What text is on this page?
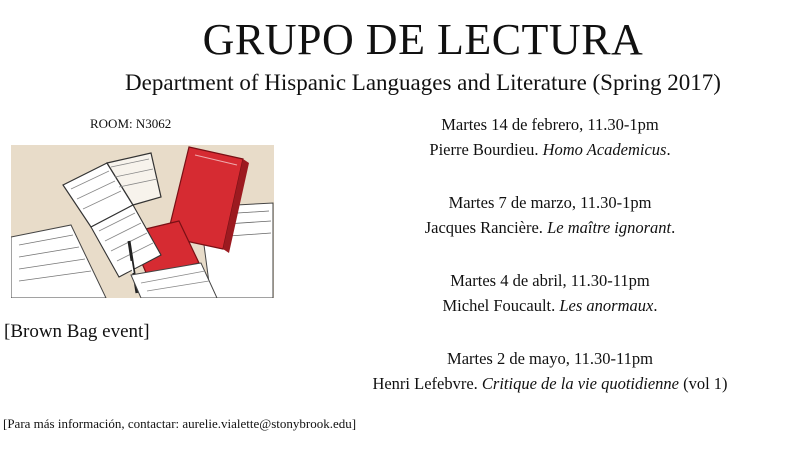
GRUPO DE LECTURA
Department of Hispanic Languages and Literature (Spring 2017)
ROOM: N3062
[Brown Bag event]
Martes 14 de febrero, 11.30-1pm
Pierre Bourdieu. Homo Academicus.
Martes 7 de marzo, 11.30-1pm
Jacques Rancière. Le maître ignorant.
Martes 4 de abril, 11.30-11pm
Michel Foucault. Les anormaux.
Martes 2 de mayo, 11.30-11pm
Henri Lefebvre. Critique de la vie quotidienne (vol 1)
[Para más información, contactar: aurelie.vialette@stonybrook.edu]
